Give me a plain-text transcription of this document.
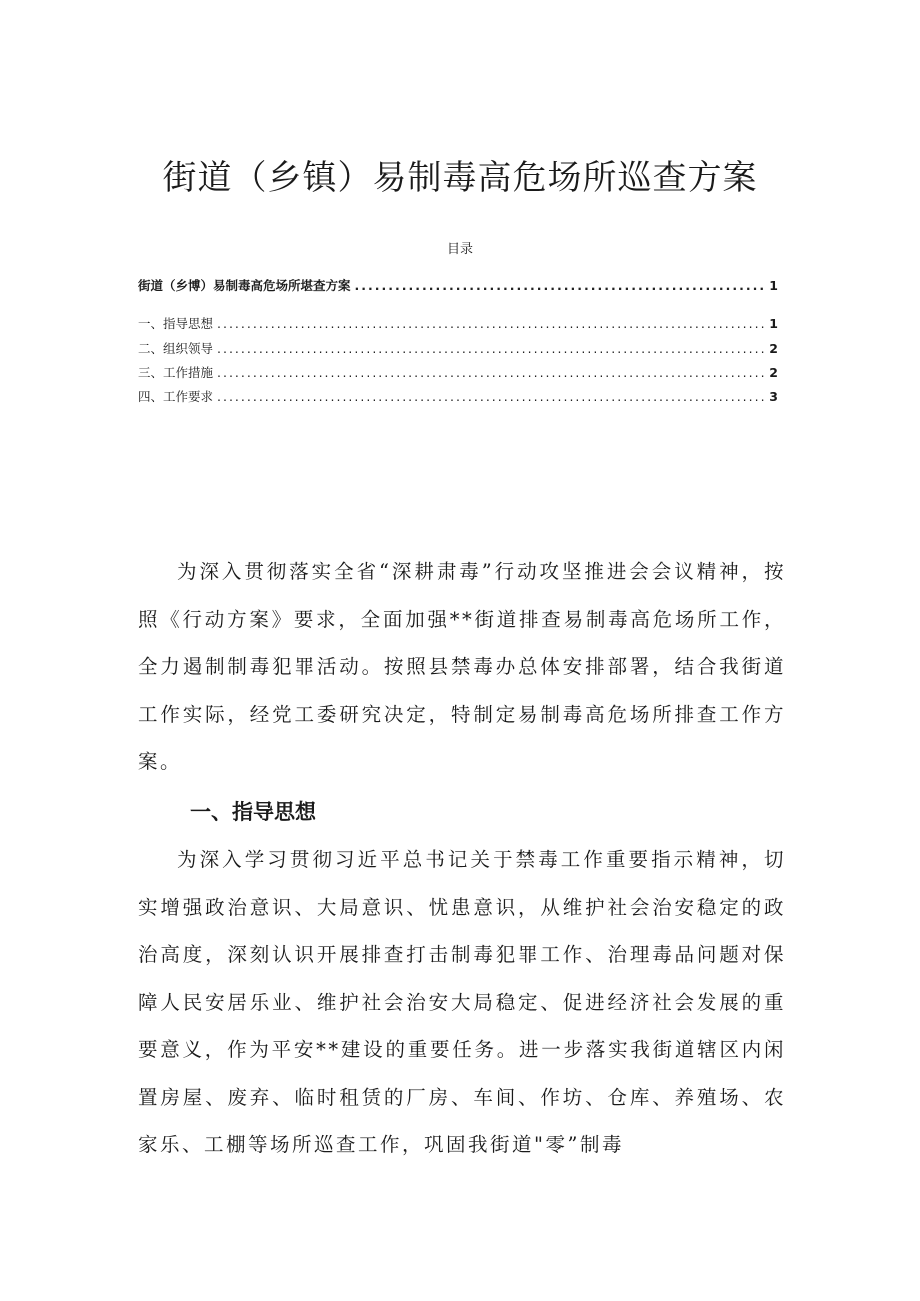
街道（乡镇）易制毒高危场所巡查方案
目录
街道（乡博）易制毒高危场所堪查方案 .....	1
一、指导思想 .....	1
二、组织领导 .....	2
三、工作措施 .....	2
四、工作要求 .....	3

为深入贯彻落实全省“深耕肃毒”行动攻坚推进会会议精神，按照《行动方案》要求，全面加强**街道排查易制毒高危场所工作，全力遏制制毒犯罪活动。按照县禁毒办总体安排部署，结合我街道工作实际，经党工委研究决定，特制定易制毒高危场所排查工作方案。

一、指导思想

为深入学习贯彻习近平总书记关于禁毒工作重要指示精神，切实增强政治意识、大局意识、忧患意识，从维护社会治安稳定的政治高度，深刻认识开展排查打击制毒犯罪工作、治理毒品问题对保障人民安居乐业、维护社会治安大局稳定、促进经济社会发展的重要意义，作为平安**建设的重要任务。进一步落实我街道辖区内闲置房屋、废弃、临时租赁的厂房、车间、作坊、仓库、养殖场、农家乐、工棚等场所巡查工作，巩固我街道"零”制毒
